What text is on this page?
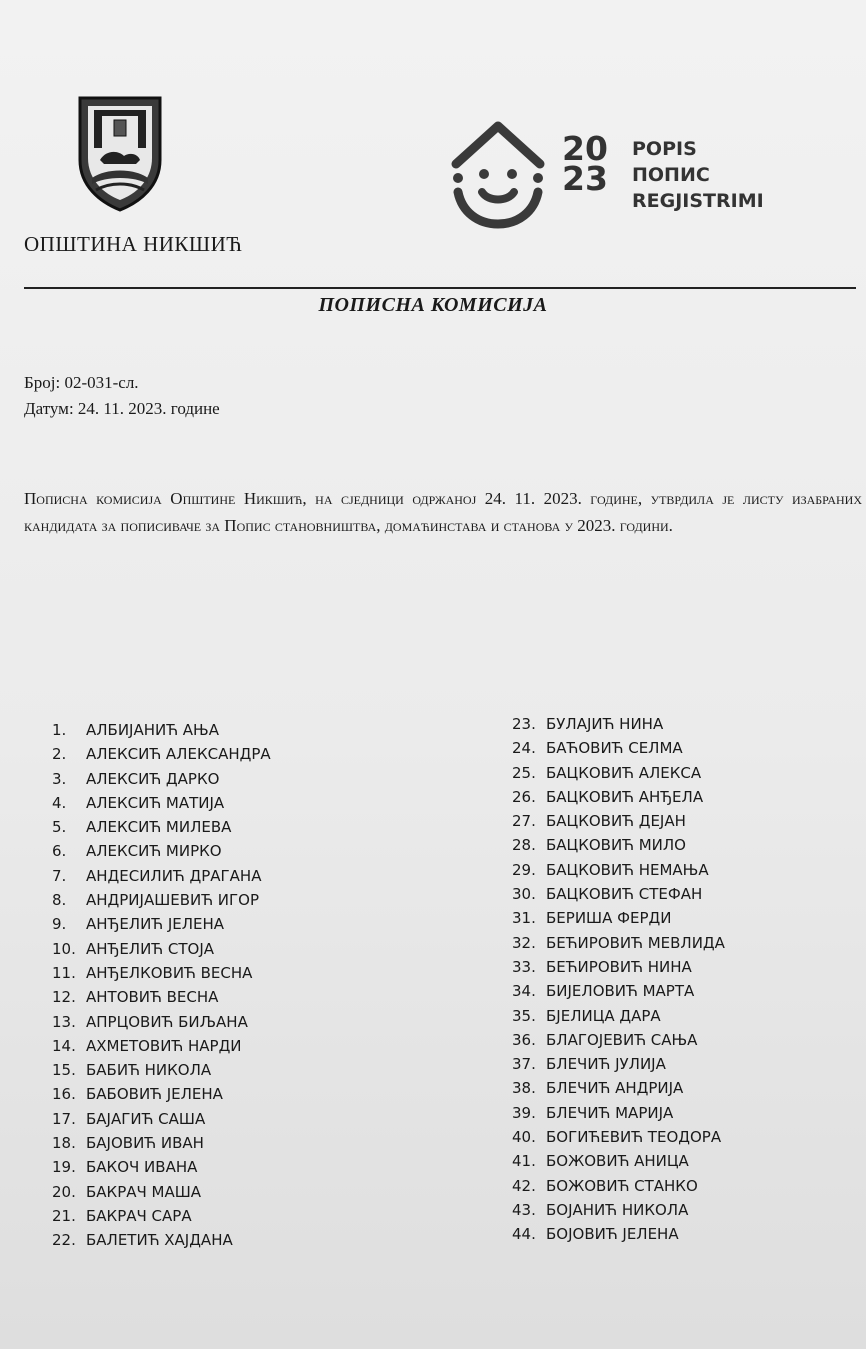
ОПШТИНА НИКШИЋ
20
23
POPIS
ПОПИС
REGJISTRIMI
ПОПИСНА КОМИСИЈА
Број: 02-031-сл.
Датум: 24. 11. 2023. године
Пописна комисија Општине Никшић, на сједници одржаној 24. 11. 2023. године, утврдила је листу изабраних кандидата за пописиваче за Попис становништва, домаћинстава и станова у 2023. години.
1. АЛБИЈАНИЋ АЊА
2. АЛЕКСИЋ АЛЕКСАНДРА
3. АЛЕКСИЋ ДАРКО
4. АЛЕКСИЋ МАТИЈА
5. АЛЕКСИЋ МИЛЕВА
6. АЛЕКСИЋ МИРКО
7. АНДЕСИЛИЋ ДРАГАНА
8. АНДРИЈАШЕВИЋ ИГОР
9. АНЂЕЛИЋ ЈЕЛЕНА
10. АНЂЕЛИЋ СТОЈА
11. АНЂЕЛКОВИЋ ВЕСНА
12. АНТОВИЋ ВЕСНА
13. АПРЦОВИЋ БИЉАНА
14. АХМЕТОВИЋ НАРДИ
15. БАБИЋ НИКОЛА
16. БАБОВИЋ ЈЕЛЕНА
17. БАЈАГИЋ САША
18. БАЈОВИЋ ИВАН
19. БАКОЧ ИВАНА
20. БАКРАЧ МАША
21. БАКРАЧ САРА
22. БАЛЕТИЋ ХАЈДАНА
23. БУЛАЈИЋ НИНА
24. БАЋОВИЋ СЕЛМА
25. БАЦКОВИЋ АЛЕКСА
26. БАЦКОВИЋ АНЂЕЛА
27. БАЦКОВИЋ ДЕЈАН
28. БАЦКОВИЋ МИЛО
29. БАЦКОВИЋ НЕМАЊА
30. БАЦКОВИЋ СТЕФАН
31. БЕРИША ФЕРДИ
32. БЕЋИРОВИЋ МЕВЛИДА
33. БЕЋИРОВИЋ НИНА
34. БИЈЕЛОВИЋ МАРТА
35. БЈЕЛИЦА ДАРА
36. БЛАГОЈЕВИЋ САЊА
37. БЛЕЧИЋ ЈУЛИЈА
38. БЛЕЧИЋ АНДРИЈА
39. БЛЕЧИЋ МАРИЈА
40. БОГИЋЕВИЋ ТЕОДОРА
41. БОЖОВИЋ АНИЦА
42. БОЖОВИЋ СТАНКО
43. БОЈАНИЋ НИКОЛА
44. БОЈОВИЋ ЈЕЛЕНА
